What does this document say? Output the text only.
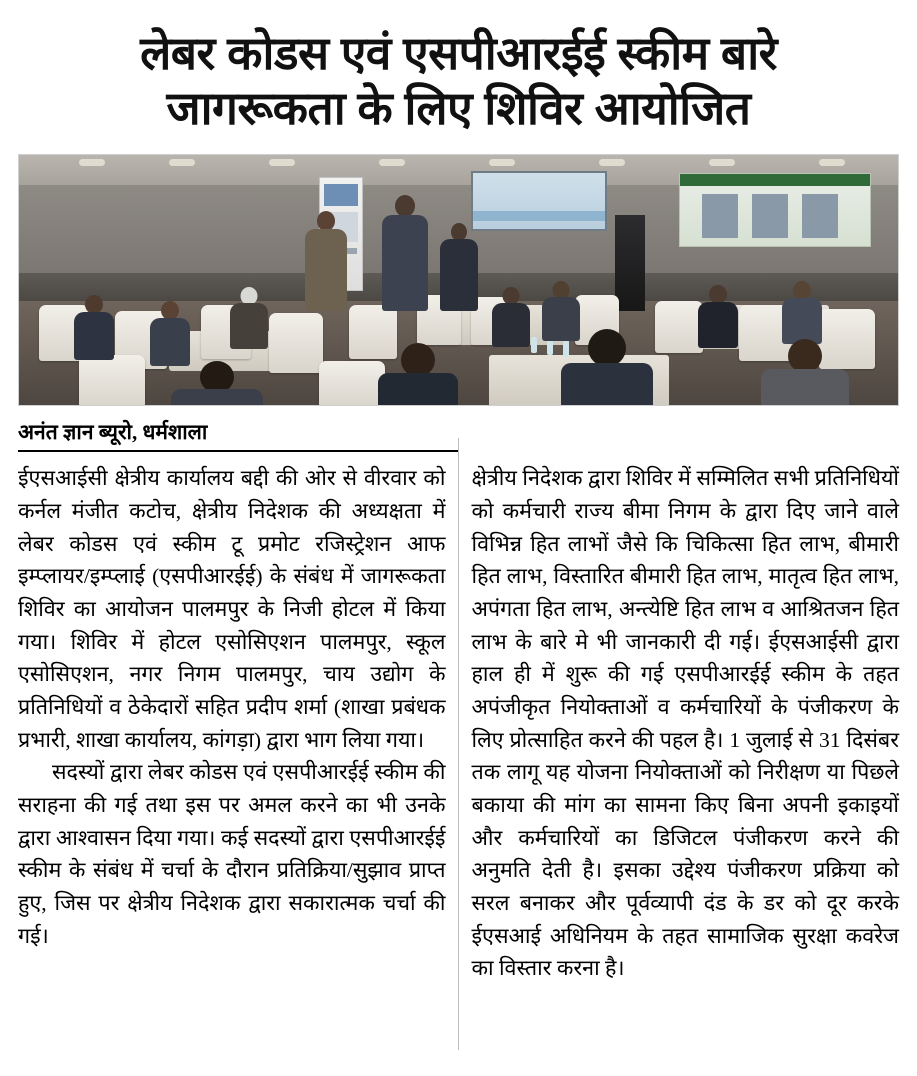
लेबर कोडस एवं एसपीआरईई स्कीम बारे
जागरूकता के लिए शिविर आयोजित
अनंत ज्ञान ब्यूरो, धर्मशाला

ईएसआईसी क्षेत्रीय कार्यालय बद्दी की ओर से वीरवार को कर्नल मंजीत कटोच, क्षेत्रीय निदेशक की अध्यक्षता में लेबर कोडस एवं स्कीम टू प्रमोट रजिस्ट्रेशन आफ इम्प्लायर/इम्प्लाई (एसपीआरईई) के संबंध में जागरूकता शिविर का आयोजन पालमपुर के निजी होटल में किया गया। शिविर में होटल एसोसिएशन पालमपुर, स्कूल एसोसिएशन, नगर निगम पालमपुर, चाय उद्योग के प्रतिनिधियों व ठेकेदारों सहित प्रदीप शर्मा (शाखा प्रबंधक प्रभारी, शाखा कार्यालय, कांगड़ा) द्वारा भाग लिया गया।

सदस्यों द्वारा लेबर कोडस एवं एसपीआरईई स्कीम की सराहना की गई तथा इस पर अमल करने का भी उनके द्वारा आश्वासन दिया गया। कई सदस्यों द्वारा एसपीआरईई स्कीम के संबंध में चर्चा के दौरान प्रतिक्रिया/सुझाव प्राप्त हुए, जिस पर क्षेत्रीय निदेशक द्वारा सकारात्मक चर्चा की गई।

क्षेत्रीय निदेशक द्वारा शिविर में सम्मिलित सभी प्रतिनिधियों को कर्मचारी राज्य बीमा निगम के द्वारा दिए जाने वाले विभिन्न हित लाभों जैसे कि चिकित्सा हित लाभ, बीमारी हित लाभ, विस्तारित बीमारी हित लाभ, मातृत्व हित लाभ, अपंगता हित लाभ, अन्त्येष्टि हित लाभ व आश्रितजन हित लाभ के बारे मे भी जानकारी दी गई। ईएसआईसी द्वारा हाल ही में शुरू की गई एसपीआरईई स्कीम के तहत अपंजीकृत नियोक्ताओं व कर्मचारियों के पंजीकरण के लिए प्रोत्साहित करने की पहल है। 1 जुलाई से 31 दिसंबर तक लागू यह योजना नियोक्ताओं को निरीक्षण या पिछले बकाया की मांग का सामना किए बिना अपनी इकाइयों और कर्मचारियों का डिजिटल पंजीकरण करने की अनुमति देती है। इसका उद्देश्य पंजीकरण प्रक्रिया को सरल बनाकर और पूर्वव्यापी दंड के डर को दूर करके ईएसआई अधिनियम के तहत सामाजिक सुरक्षा कवरेज का विस्तार करना है।
